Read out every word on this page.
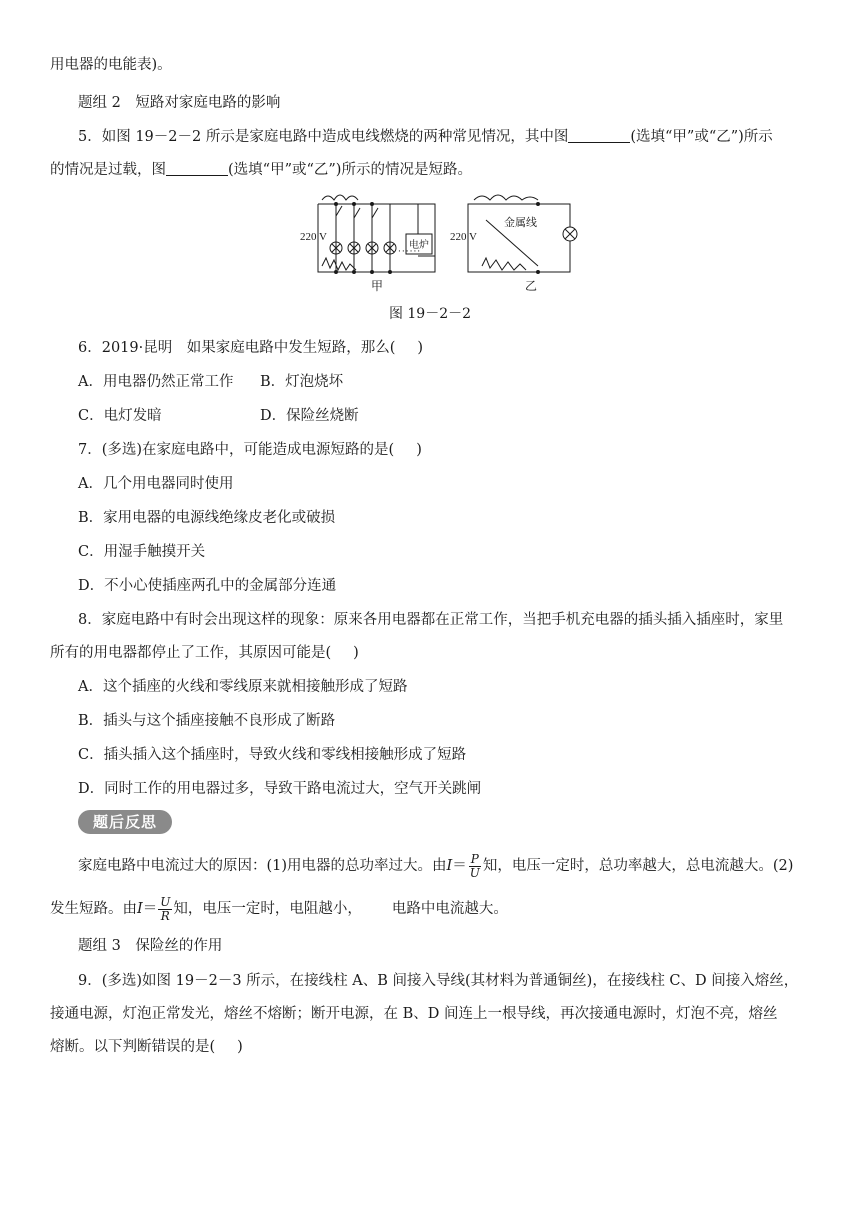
用电器的电能表)。
题组 2　短路对家庭电路的影响
5．如图 19－2－2 所示是家庭电路中造成电线燃烧的两种常见情况，其中图	(选填“甲”或“乙”)所示
的情况是过载，图	(选填“甲”或“乙”)所示的情况是短路。
······
220 V
电炉
甲
220 V
金属线
乙
图 19－2－2
6．2019·昆明　如果家庭电路中发生短路，那么( )
A．用电器仍然正常工作 B．灯泡烧坏
C．电灯发暗	D．保险丝烧断
7．(多选)在家庭电路中，可能造成电源短路的是( )
A．几个用电器同时使用
B．家用电器的电源线绝缘皮老化或破损
C．用湿手触摸开关
D．不小心使插座两孔中的金属部分连通
8．家庭电路中有时会出现这样的现象：原来各用电器都在正常工作，当把手机充电器的插头插入插座时，家里
所有的用电器都停止了工作，其原因可能是( )
A．这个插座的火线和零线原来就相接触形成了短路
B．插头与这个插座接触不良形成了断路
C．插头插入这个插座时，导致火线和零线相接触形成了短路
D．同时工作的用电器过多，导致干路电流过大，空气开关跳闸
题后反思
家庭电路中电流过大的原因：(1)用电器的总功率过大。由$I= \frac{P}{U}$ 知，电压一定时，总功率越大，总电流越大。(2)
发生短路。由$I= \frac{U}{R}$ 知，电压一定时，电阻越小， 电路中电流越大。
题组 3　保险丝的作用
9．(多选)如图 19－2－3 所示，在接线柱 A、B 间接入导线(其材料为普通铜丝)，在接线柱 C、D 间接入熔丝，
接通电源，灯泡正常发光，熔丝不熔断；断开电源，在 B、D 间连上一根导线，再次接通电源时，灯泡不亮，熔丝
熔断。以下判断错误的是( )
